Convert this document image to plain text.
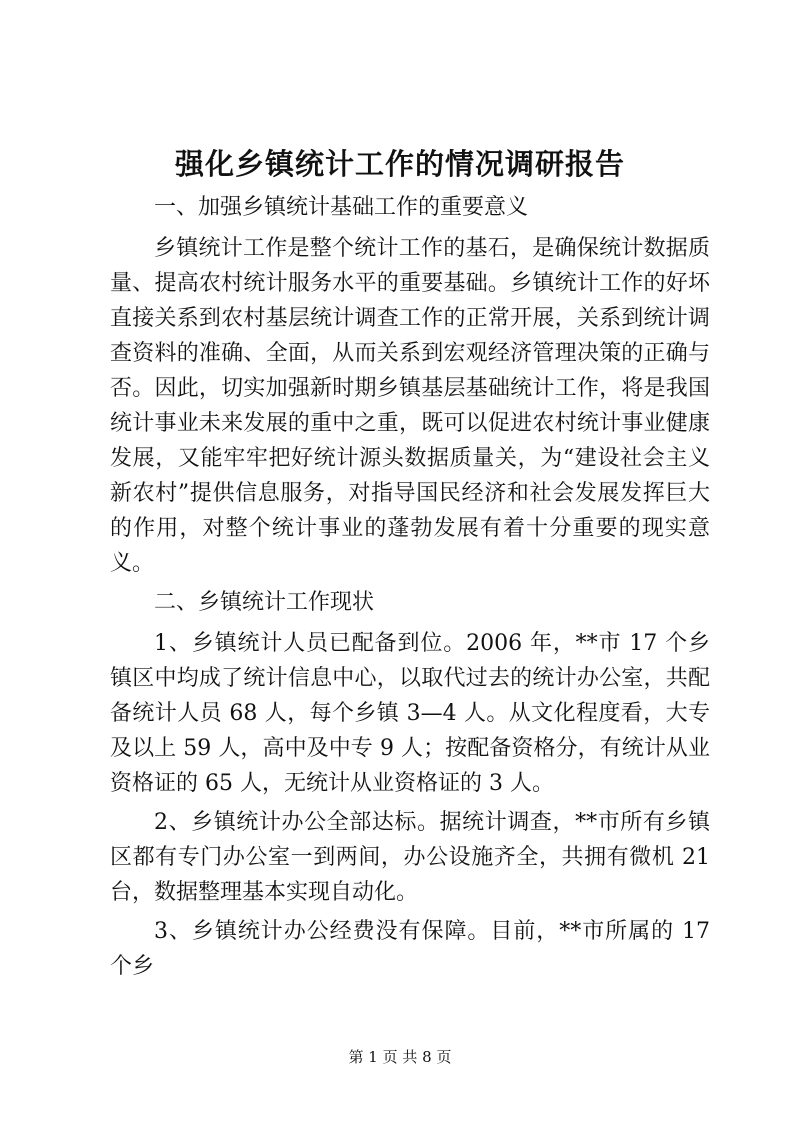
强化乡镇统计工作的情况调研报告

一、加强乡镇统计基础工作的重要意义

乡镇统计工作是整个统计工作的基石，是确保统计数据质量、提高农村统计服务水平的重要基础。乡镇统计工作的好坏直接关系到农村基层统计调查工作的正常开展，关系到统计调查资料的准确、全面，从而关系到宏观经济管理决策的正确与否。因此，切实加强新时期乡镇基层基础统计工作，将是我国统计事业未来发展的重中之重，既可以促进农村统计事业健康发展，又能牢牢把好统计源头数据质量关，为“建设社会主义新农村”提供信息服务，对指导国民经济和社会发展发挥巨大的作用，对整个统计事业的蓬勃发展有着十分重要的现实意义。

二、乡镇统计工作现状

1、乡镇统计人员已配备到位。2006 年，**市 17 个乡镇区中均成了统计信息中心，以取代过去的统计办公室，共配备统计人员 68 人，每个乡镇 3—4 人。从文化程度看，大专及以上 59 人，高中及中专 9 人；按配备资格分，有统计从业资格证的 65 人，无统计从业资格证的 3 人。

2、乡镇统计办公全部达标。据统计调查，**市所有乡镇区都有专门办公室一到两间，办公设施齐全，共拥有微机 21 台，数据整理基本实现自动化。

3、乡镇统计办公经费没有保障。目前，**市所属的 17 个乡

第 1 页 共 8 页
